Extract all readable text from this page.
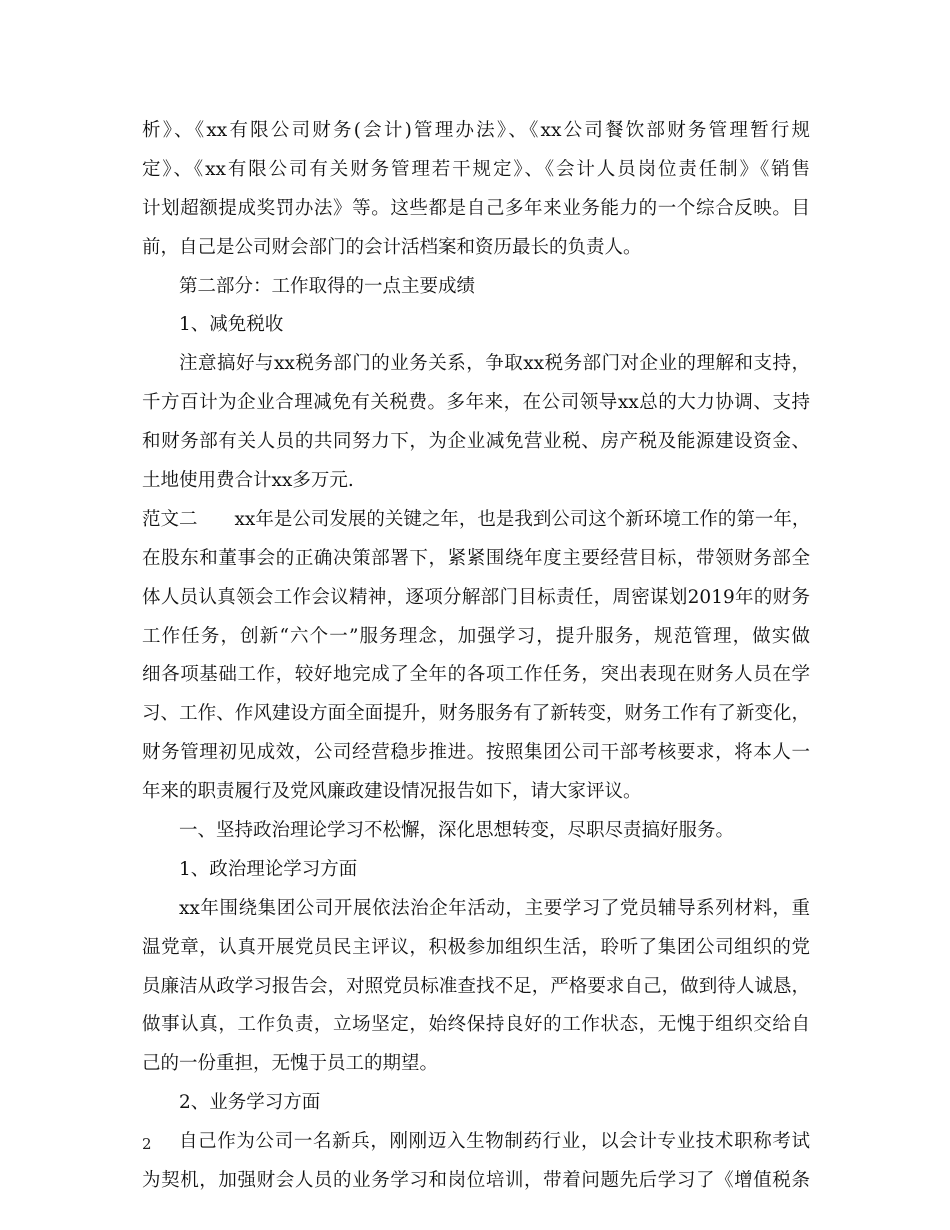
析》、《xx有限公司财务(会计)管理办法》、《xx公司餐饮部财务管理暂行规
定》、《xx有限公司有关财务管理若干规定》、《会计人员岗位责任制》《销售
计划超额提成奖罚办法》等。这些都是自己多年来业务能力的一个综合反映。目
前，自己是公司财会部门的会计活档案和资历最长的负责人。
第二部分：工作取得的一点主要成绩
1、减免税收
注意搞好与xx税务部门的业务关系，争取xx税务部门对企业的理解和支持，
千方百计为企业合理减免有关税费。多年来，在公司领导xx总的大力协调、支持
和财务部有关人员的共同努力下，为企业减免营业税、房产税及能源建设资金、
土地使用费合计xx多万元.
范文二　　xx年是公司发展的关键之年，也是我到公司这个新环境工作的第一年，
在股东和董事会的正确决策部署下，紧紧围绕年度主要经营目标，带领财务部全
体人员认真领会工作会议精神，逐项分解部门目标责任，周密谋划2019年的财务
工作任务，创新“六个一”服务理念，加强学习，提升服务，规范管理，做实做
细各项基础工作，较好地完成了全年的各项工作任务，突出表现在财务人员在学
习、工作、作风建设方面全面提升，财务服务有了新转变，财务工作有了新变化，
财务管理初见成效，公司经营稳步推进。按照集团公司干部考核要求，将本人一
年来的职责履行及党风廉政建设情况报告如下，请大家评议。
一、坚持政治理论学习不松懈，深化思想转变，尽职尽责搞好服务。
1、政治理论学习方面
xx年围绕集团公司开展依法治企年活动，主要学习了党员辅导系列材料，重
温党章，认真开展党员民主评议，积极参加组织生活，聆听了集团公司组织的党
员廉洁从政学习报告会，对照党员标准查找不足，严格要求自己，做到待人诚恳，
做事认真，工作负责，立场坚定，始终保持良好的工作状态，无愧于组织交给自
己的一份重担，无愧于员工的期望。
2、业务学习方面
自己作为公司一名新兵，刚刚迈入生物制药行业，以会计专业技术职称考试
为契机，加强财会人员的业务学习和岗位培训，带着问题先后学习了《增值税条
2
